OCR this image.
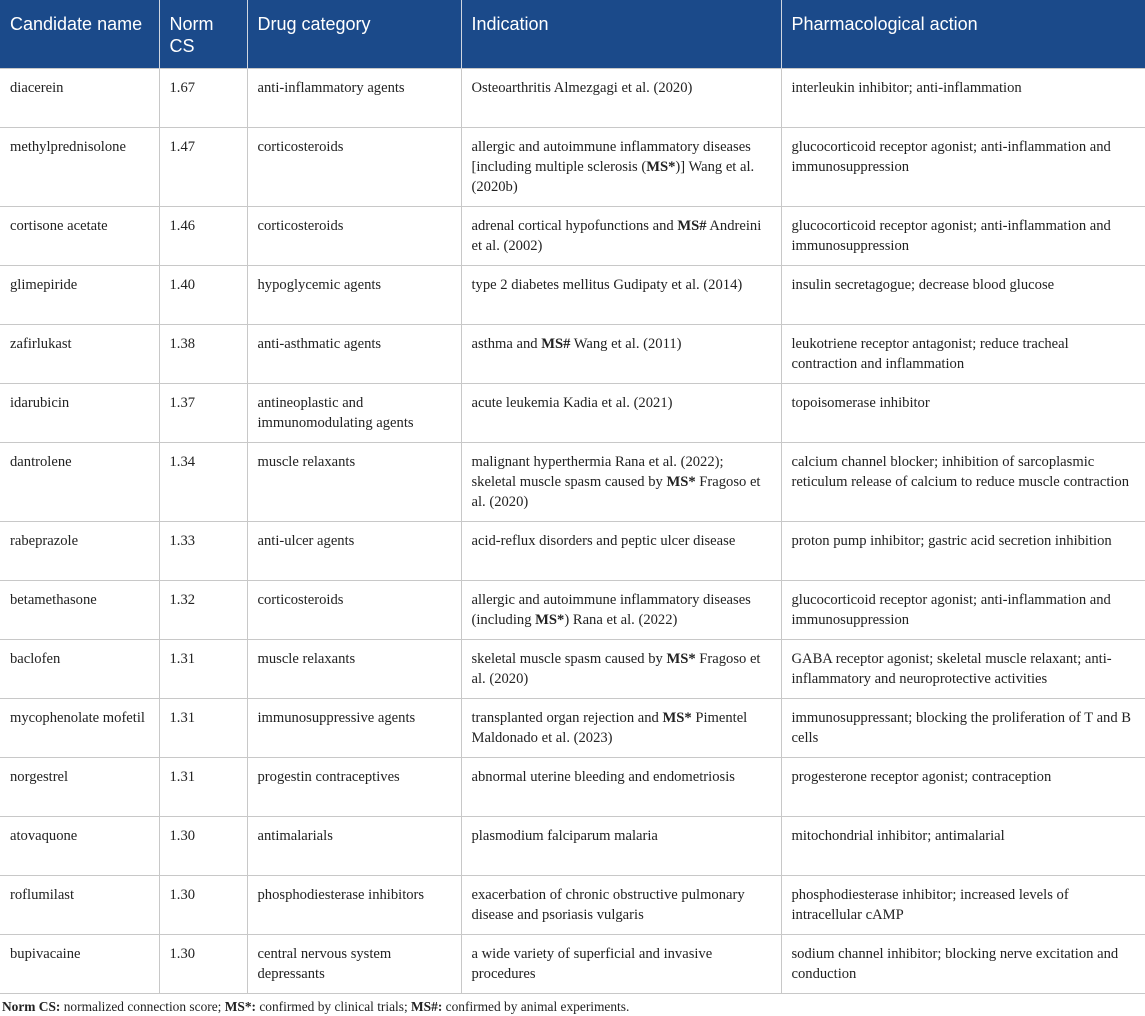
Candidate name	Norm CS	Drug category	Indication	Pharmacological action
diacerein	1.67	anti-inflammatory agents	Osteoarthritis Almezgagi et al. (2020)	interleukin inhibitor; anti-inflammation
methylprednisolone	1.47	corticosteroids	allergic and autoimmune inflammatory diseases [including multiple sclerosis (MS*)] Wang et al. (2020b)	glucocorticoid receptor agonist; anti-inflammation and immunosuppression
cortisone acetate	1.46	corticosteroids	adrenal cortical hypofunctions and MS# Andreini et al. (2002)	glucocorticoid receptor agonist; anti-inflammation and immunosuppression
glimepiride	1.40	hypoglycemic agents	type 2 diabetes mellitus Gudipaty et al. (2014)	insulin secretagogue; decrease blood glucose
zafirlukast	1.38	anti-asthmatic agents	asthma and MS# Wang et al. (2011)	leukotriene receptor antagonist; reduce tracheal contraction and inflammation
idarubicin	1.37	antineoplastic and immunomodulating agents	acute leukemia Kadia et al. (2021)	topoisomerase inhibitor
dantrolene	1.34	muscle relaxants	malignant hyperthermia Rana et al. (2022); skeletal muscle spasm caused by MS* Fragoso et al. (2020)	calcium channel blocker; inhibition of sarcoplasmic reticulum release of calcium to reduce muscle contraction
rabeprazole	1.33	anti-ulcer agents	acid-reflux disorders and peptic ulcer disease	proton pump inhibitor; gastric acid secretion inhibition
betamethasone	1.32	corticosteroids	allergic and autoimmune inflammatory diseases (including MS*) Rana et al. (2022)	glucocorticoid receptor agonist; anti-inflammation and immunosuppression
baclofen	1.31	muscle relaxants	skeletal muscle spasm caused by MS* Fragoso et al. (2020)	GABA receptor agonist; skeletal muscle relaxant; anti-inflammatory and neuroprotective activities
mycophenolate mofetil	1.31	immunosuppressive agents	transplanted organ rejection and MS* Pimentel Maldonado et al. (2023)	immunosuppressant; blocking the proliferation of T and B cells
norgestrel	1.31	progestin contraceptives	abnormal uterine bleeding and endometriosis	progesterone receptor agonist; contraception
atovaquone	1.30	antimalarials	plasmodium falciparum malaria	mitochondrial inhibitor; antimalarial
roflumilast	1.30	phosphodiesterase inhibitors	exacerbation of chronic obstructive pulmonary disease and psoriasis vulgaris	phosphodiesterase inhibitor; increased levels of intracellular cAMP
bupivacaine	1.30	central nervous system depressants	a wide variety of superficial and invasive procedures	sodium channel inhibitor; blocking nerve excitation and conduction
Norm CS: normalized connection score; MS*: confirmed by clinical trials; MS#: confirmed by animal experiments.
